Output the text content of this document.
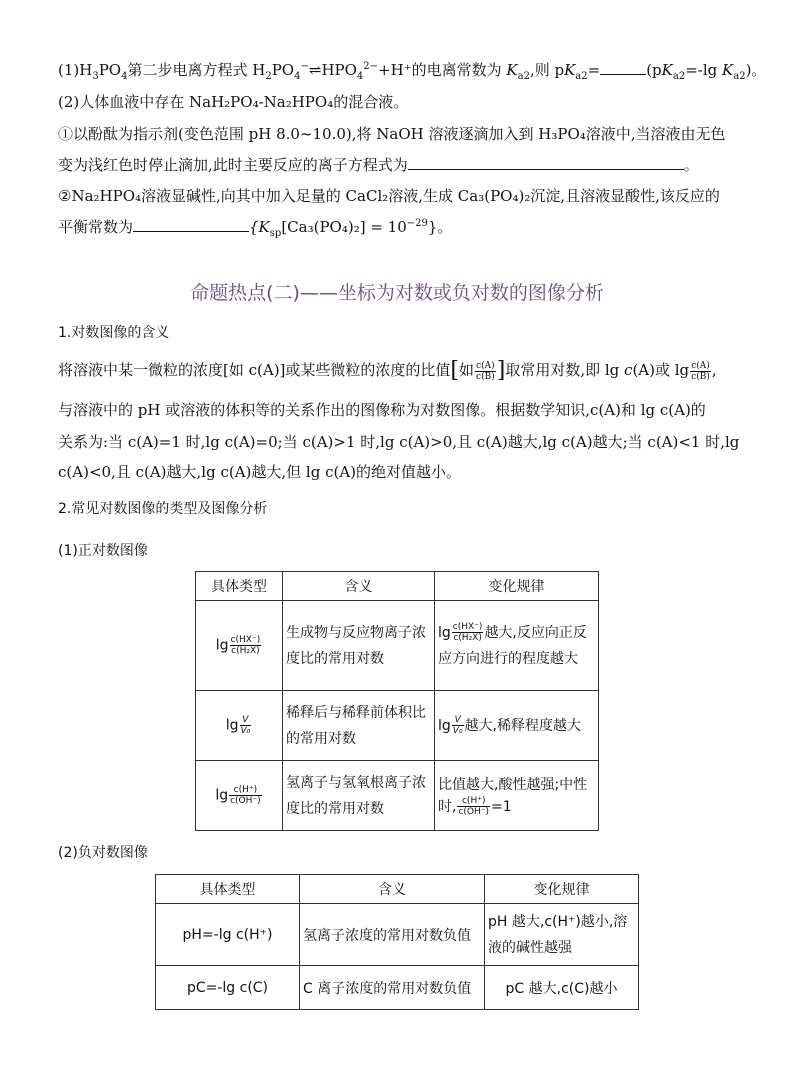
$(1)H_3PO_4$第二步电离方程式 $H_2PO_4^-\rightleftharpoons HPO_4^{2-}+H^+$的电离常数为 $K_{a2}$,则 $pK_{a2}=$	($pK_{a2}=-\lg$ $K_{a2}$)。
(2)人体血液中存在 NaH₂PO₄-Na₂HPO₄的混合液。
①以酚酞为指示剂(变色范围 pH 8.0~10.0),将 NaOH 溶液逐滴加入到 H₃PO₄溶液中,当溶液由无色
变为浅红色时停止滴加,此时主要反应的离子方程式为	。
②Na₂HPO₄溶液显碱性,向其中加入足量的 CaCl₂溶液,生成 Ca₃(PO₄)₂沉淀,且溶液显酸性,该反应的
平衡常数为	$\{K_{sp}[Ca_3(PO_4)_2] = 10^{-29}\}$。
命题热点(二)——坐标为对数或负对数的图像分析
1.对数图像的含义
将溶液中某一微粒的浓度[如 c(A)]或某些微粒的浓度的比值[如 $\frac{c(A)}{c(B)}$ ]取常用对数,即 lg c(A)或 $\lg \frac{c(A)}{c(B)}$ ,
与溶液中的 pH 或溶液的体积等的关系作出的图像称为对数图像。根据数学知识,c(A)和 lg c(A)的
关系为:当 c(A)=1 时,lg c(A)=0;当 c(A)>1 时,lg c(A)>0,且 c(A)越大,lg c(A)越大;当 c(A)<1 时,lg
c(A)<0,且 c(A)越大,lg c(A)越大,但 lg c(A)的绝对值越小。
2.常见对数图像的类型及图像分析
(1)正对数图像
具体类型	含义	变化规律
$\lg \frac{c(HX^-)}{\text{c(H₂X)}}$	生成物与反应物离子浓度比的常用对数	$\lg \frac{c(HX^-)}{\text{c(H₂X)}}$ 越大,反应向正反应方向进行的程度越大
$\lg \frac{V}{\text{V₀}}$	稀释后与稀释前体积比的常用对数	$\lg \frac{V}{\text{V₀}}$ 越大,稀释程度越大
$\lg \frac{c(H^+)}{c(OH^-)}$	氢离子与氢氧根离子浓度比的常用对数	比值越大,酸性越强;中性
时, $\frac{c(H^+)}{c(OH^-)} =1$
(2)负对数图像
具体类型	含义	变化规律
pH=-lg c(H⁺)	氢离子浓度的常用对数负值	pH 越大,c(H⁺)越小,溶液的碱性越强
pC=-lg c(C)	C 离子浓度的常用对数负值	pC 越大,c(C)越小
